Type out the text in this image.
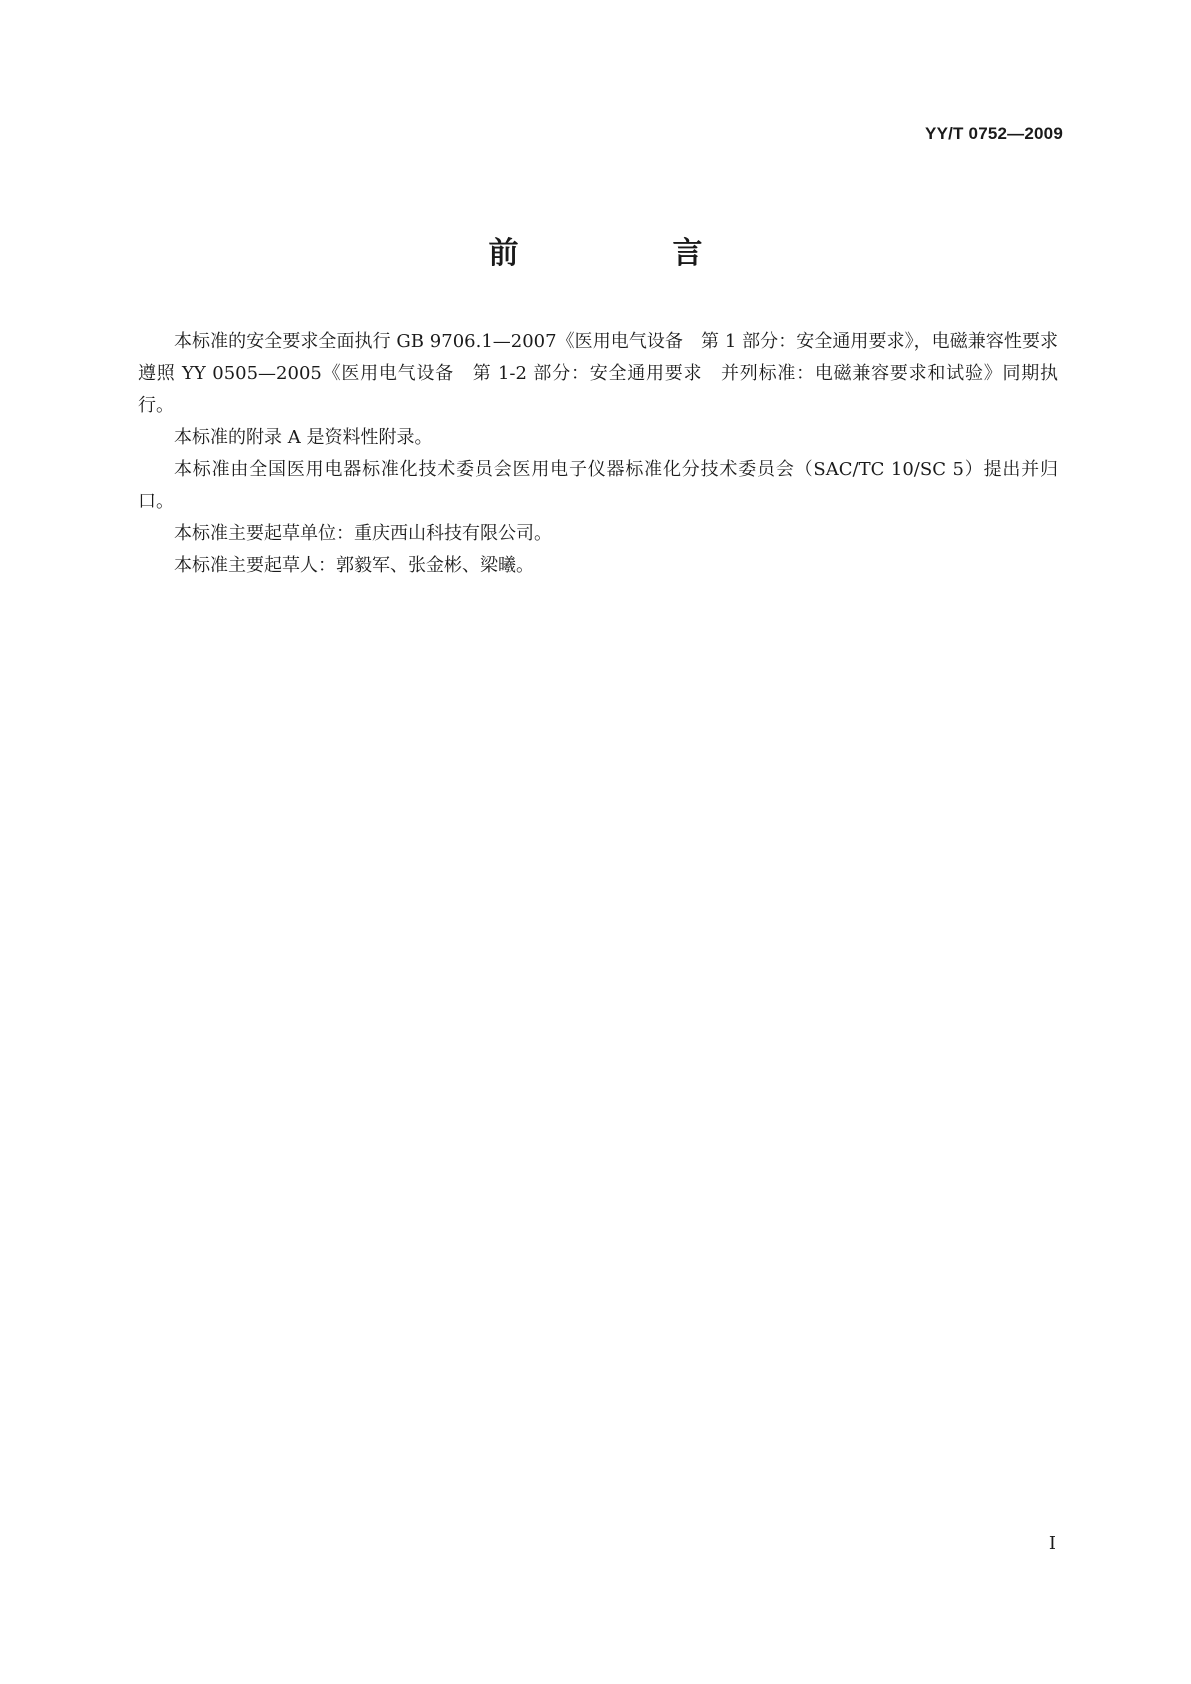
YY/T 0752—2009
前　言

本标准的安全要求全面执行 GB 9706.1—2007《医用电气设备　第 1 部分：安全通用要求》，电磁兼容性要求遵照 YY 0505—2005《医用电气设备　第 1-2 部分：安全通用要求　并列标准：电磁兼容要求和试验》同期执行。

本标准的附录 A 是资料性附录。

本标准由全国医用电器标准化技术委员会医用电子仪器标准化分技术委员会（SAC/TC 10/SC 5）提出并归口。

本标准主要起草单位：重庆西山科技有限公司。

本标准主要起草人：郭毅军、张金彬、梁曦。

I
